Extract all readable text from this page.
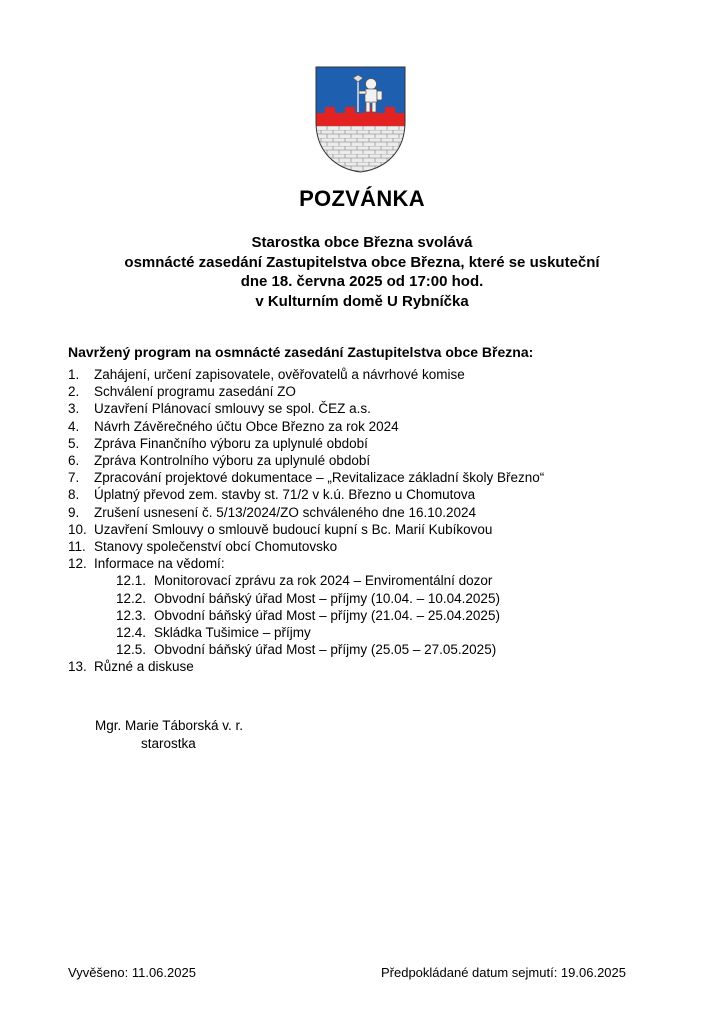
POZVÁNKA
Starostka obce Března svolává
osmnácté zasedání Zastupitelstva obce Března, které se uskuteční
dne 18. června 2025 od 17:00 hod.
v Kulturním domě U Rybníčka
Navržený program na osmnácté zasedání Zastupitelstva obce Března:
1. Zahájení, určení zapisovatele, ověřovatelů a návrhové komise
2. Schválení programu zasedání ZO
3. Uzavření Plánovací smlouvy se spol. ČEZ a.s.
4. Návrh Závěrečného účtu Obce Březno za rok 2024
5. Zpráva Finančního výboru za uplynulé období
6. Zpráva Kontrolního výboru za uplynulé období
7. Zpracování projektové dokumentace – „Revitalizace základní školy Březno“
8. Úplatný převod zem. stavby st. 71/2 v k.ú. Březno u Chomutova
9. Zrušení usnesení č. 5/13/2024/ZO schváleného dne 16.10.2024
10. Uzavření Smlouvy o smlouvě budoucí kupní s Bc. Marií Kubíkovou
11. Stanovy společenství obcí Chomutovsko
12. Informace na vědomí:
12.1. Monitorovací zprávu za rok 2024 – Enviromentální dozor
12.2. Obvodní báňský úřad Most – příjmy (10.04. – 10.04.2025)
12.3. Obvodní báňský úřad Most – příjmy (21.04. – 25.04.2025)
12.4. Skládka Tušimice – příjmy
12.5. Obvodní báňský úřad Most – příjmy (25.05 – 27.05.2025)
13. Různé a diskuse
Mgr. Marie Táborská v. r.
starostka
Vyvěšeno: 11.06.2025	Předpokládané datum sejmutí: 19.06.2025
